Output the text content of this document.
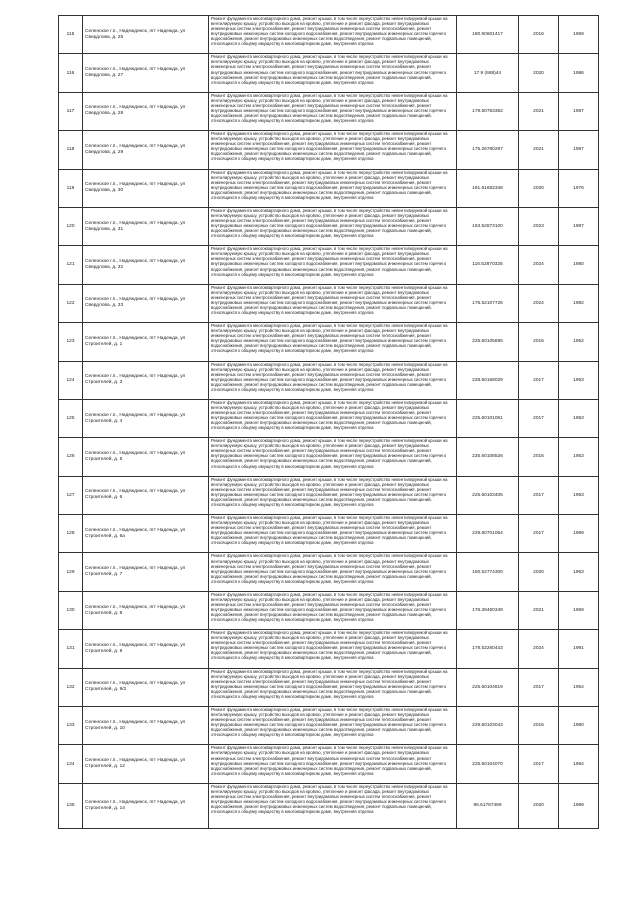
115	Селенское г.п., Надеждинск, пгт Надежда, ул Свердлова, д. 25	Ремонт фундамента многоквартирного дома, ремонт крыши, в том числе переустройство невентилируемой крыши на вентилируемую крышу, устройство выходов на кровлю, утепление и ремонт фасада, ремонт внутридомовых инженерных систем электроснабжения, ремонт внутридомовых инженерных систем теплоснабжения, ремонт внутридомовых инженерных систем холодного водоснабжения, ремонт внутридомовых инженерных систем горячего водоснабжения, ремонт внутридомовых инженерных систем водоотведения, ремонт подвальных помещений, относящихся к общему имуществу в многоквартирном доме, внутренняя отделка	180.50601417	2016	1959
116	Селенское г.п., Надеждинск, пгт Надежда, ул Свердлова, д. 27	Ремонт фундамента многоквартирного дома, ремонт крыши, в том числе переустройство невентилируемой крыши на вентилируемую крышу, устройство выходов на кровлю, утепление и ремонт фасада, ремонт внутридомовых инженерных систем электроснабжения, ремонт внутридомовых инженерных систем теплоснабжения, ремонт внутридомовых инженерных систем холодного водоснабжения, ремонт внутридомовых инженерных систем горячего водоснабжения, ремонт внутридомовых инженерных систем водоотведения, ремонт подвальных помещений, относящихся к общему имуществу в многоквартирном доме, внутренняя отделка	17.9 (688)44	2020	1986
117	Селенское г.п., Надеждинск, пгт Надежда, ул Свердлова, д. 28	Ремонт фундамента многоквартирного дома, ремонт крыши, в том числе переустройство невентилируемой крыши на вентилируемую крышу, устройство выходов на кровлю, утепление и ремонт фасада, ремонт внутридомовых инженерных систем электроснабжения, ремонт внутридомовых инженерных систем теплоснабжения, ремонт внутридомовых инженерных систем холодного водоснабжения, ремонт внутридомовых инженерных систем горячего водоснабжения, ремонт внутридомовых инженерных систем водоотведения, ремонт подвальных помещений, относящихся к общему имуществу в многоквартирном доме, внутренняя отделка	179.50763362	2021	1987
118	Селенское г.п., Надеждинск, пгт Надежда, ул Свердлова, д. 29	Ремонт фундамента многоквартирного дома, ремонт крыши, в том числе переустройство невентилируемой крыши на вентилируемую крышу, устройство выходов на кровлю, утепление и ремонт фасада, ремонт внутридомовых инженерных систем электроснабжения, ремонт внутридомовых инженерных систем теплоснабжения, ремонт внутридомовых инженерных систем холодного водоснабжения, ремонт внутридомовых инженерных систем горячего водоснабжения, ремонт внутридомовых инженерных систем водоотведения, ремонт подвальных помещений, относящихся к общему имуществу в многоквартирном доме, внутренняя отделка	175.26780297	2021	1987
119	Селенское г.п., Надеждинск, пгт Надежда, ул Свердлова, д. 30	Ремонт фундамента многоквартирного дома, ремонт крыши, в том числе переустройство невентилируемой крыши на вентилируемую крышу, устройство выходов на кровлю, утепление и ремонт фасада, ремонт внутридомовых инженерных систем электроснабжения, ремонт внутридомовых инженерных систем теплоснабжения, ремонт внутридомовых инженерных систем холодного водоснабжения, ремонт внутридомовых инженерных систем горячего водоснабжения, ремонт внутридомовых инженерных систем водоотведения, ремонт подвальных помещений, относящихся к общему имуществу в многоквартирном доме, внутренняя отделка	181.61682348	2020	1976
120	Селенское г.п., Надеждинск, пгт Надежда, ул Свердлова, д. 31	Ремонт фундамента многоквартирного дома, ремонт крыши, в том числе переустройство невентилируемой крыши на вентилируемую крышу, устройство выходов на кровлю, утепление и ремонт фасада, ремонт внутридомовых инженерных систем электроснабжения, ремонт внутридомовых инженерных систем теплоснабжения, ремонт внутридомовых инженерных систем холодного водоснабжения, ремонт внутридомовых инженерных систем горячего водоснабжения, ремонт внутридомовых инженерных систем водоотведения, ремонт подвальных помещений, относящихся к общему имуществу в многоквартирном доме, внутренняя отделка	163.52873100	2023	1987
121	Селенское г.п., Надеждинск, пгт Надежда, ул Свердлова, д. 32	Ремонт фундамента многоквартирного дома, ремонт крыши, в том числе переустройство невентилируемой крыши на вентилируемую крышу, устройство выходов на кровлю, утепление и ремонт фасада, ремонт внутридомовых инженерных систем электроснабжения, ремонт внутридомовых инженерных систем теплоснабжения, ремонт внутридомовых инженерных систем холодного водоснабжения, ремонт внутридомовых инженерных систем горячего водоснабжения, ремонт внутридомовых инженерных систем водоотведения, ремонт подвальных помещений, относящихся к общему имуществу в многоквартирном доме, внутренняя отделка	116.52870325	2024	1980
122	Селенское г.п., Надеждинск, пгт Надежда, ул Свердлова, д. 33	Ремонт фундамента многоквартирного дома, ремонт крыши, в том числе переустройство невентилируемой крыши на вентилируемую крышу, устройство выходов на кровлю, утепление и ремонт фасада, ремонт внутридомовых инженерных систем электроснабжения, ремонт внутридомовых инженерных систем теплоснабжения, ремонт внутридомовых инженерных систем холодного водоснабжения, ремонт внутридомовых инженерных систем горячего водоснабжения, ремонт внутридомовых инженерных систем водоотведения, ремонт подвальных помещений, относящихся к общему имуществу в многоквартирном доме, внутренняя отделка	176.52107726	2024	1982
123	Селенское г.п., Надеждинск, пгт Надежда, ул Строителей, д. 1	Ремонт фундамента многоквартирного дома, ремонт крыши, в том числе переустройство невентилируемой крыши на вентилируемую крышу, устройство выходов на кровлю, утепление и ремонт фасада, ремонт внутридомовых инженерных систем электроснабжения, ремонт внутридомовых инженерных систем теплоснабжения, ремонт внутридомовых инженерных систем холодного водоснабжения, ремонт внутридомовых инженерных систем горячего водоснабжения, ремонт внутридомовых инженерных систем водоотведения, ремонт подвальных помещений, относящихся к общему имуществу в многоквартирном доме, внутренняя отделка	225.60105695	2016	1952
124	Селенское г.п., Надеждинск, пгт Надежда, ул Строителей, д. 3	Ремонт фундамента многоквартирного дома, ремонт крыши, в том числе переустройство невентилируемой крыши на вентилируемую крышу, устройство выходов на кровлю, утепление и ремонт фасада, ремонт внутридомовых инженерных систем электроснабжения, ремонт внутридомовых инженерных систем теплоснабжения, ремонт внутридомовых инженерных систем холодного водоснабжения, ремонт внутридомовых инженерных систем горячего водоснабжения, ремонт внутридомовых инженерных систем водоотведения, ремонт подвальных помещений, относящихся к общему имуществу в многоквартирном доме, внутренняя отделка	228.60168029	2017	1953
125	Селенское г.п., Надеждинск, пгт Надежда, ул Строителей, д. 4	Ремонт фундамента многоквартирного дома, ремонт крыши, в том числе переустройство невентилируемой крыши на вентилируемую крышу, устройство выходов на кровлю, утепление и ремонт фасада, ремонт внутридомовых инженерных систем электроснабжения, ремонт внутридомовых инженерных систем теплоснабжения, ремонт внутридомовых инженерных систем холодного водоснабжения, ремонт внутридомовых инженерных систем горячего водоснабжения, ремонт внутридомовых инженерных систем водоотведения, ремонт подвальных помещений, относящихся к общему имуществу в многоквартирном доме, внутренняя отделка	225.60101061	2017	1953
126	Селенское г.п., Надеждинск, пгт Надежда, ул Строителей, д. 5	Ремонт фундамента многоквартирного дома, ремонт крыши, в том числе переустройство невентилируемой крыши на вентилируемую крышу, устройство выходов на кровлю, утепление и ремонт фасада, ремонт внутридомовых инженерных систем электроснабжения, ремонт внутридомовых инженерных систем теплоснабжения, ремонт внутридомовых инженерных систем холодного водоснабжения, ремонт внутридомовых инженерных систем горячего водоснабжения, ремонт внутридомовых инженерных систем водоотведения, ремонт подвальных помещений, относящихся к общему имуществу в многоквартирном доме, внутренняя отделка	225.60108526	2016	1953
127	Селенское г.п., Надеждинск, пгт Надежда, ул Строителей, д. 6	Ремонт фундамента многоквартирного дома, ремонт крыши, в том числе переустройство невентилируемой крыши на вентилируемую крышу, устройство выходов на кровлю, утепление и ремонт фасада, ремонт внутридомовых инженерных систем электроснабжения, ремонт внутридомовых инженерных систем теплоснабжения, ремонт внутридомовых инженерных систем холодного водоснабжения, ремонт внутридомовых инженерных систем горячего водоснабжения, ремонт внутридомовых инженерных систем водоотведения, ремонт подвальных помещений, относящихся к общему имуществу в многоквартирном доме, внутренняя отделка	225.60103405	2017	1953
128	Селенское г.п., Надеждинск, пгт Надежда, ул Строителей, д. 6а	Ремонт фундамента многоквартирного дома, ремонт крыши, в том числе переустройство невентилируемой крыши на вентилируемую крышу, устройство выходов на кровлю, утепление и ремонт фасада, ремонт внутридомовых инженерных систем электроснабжения, ремонт внутридомовых инженерных систем теплоснабжения, ремонт внутридомовых инженерных систем холодного водоснабжения, ремонт внутридомовых инженерных систем горячего водоснабжения, ремонт внутридомовых инженерных систем водоотведения, ремонт подвальных помещений, относящихся к общему имуществу в многоквартирном доме, внутренняя отделка	229.60701064	2017	1989
129	Селенское г.п., Надеждинск, пгт Надежда, ул Строителей, д. 7	Ремонт фундамента многоквартирного дома, ремонт крыши, в том числе переустройство невентилируемой крыши на вентилируемую крышу, устройство выходов на кровлю, утепление и ремонт фасада, ремонт внутридомовых инженерных систем электроснабжения, ремонт внутридомовых инженерных систем теплоснабжения, ремонт внутридомовых инженерных систем холодного водоснабжения, ремонт внутридомовых инженерных систем горячего водоснабжения, ремонт внутридомовых инженерных систем водоотведения, ремонт подвальных помещений, относящихся к общему имуществу в многоквартирном доме, внутренняя отделка	150.52774300	2020	1963
130	Селенское г.п., Надеждинск, пгт Надежда, ул Строителей, д. 8	Ремонт фундамента многоквартирного дома, ремонт крыши, в том числе переустройство невентилируемой крыши на вентилируемую крышу, устройство выходов на кровлю, утепление и ремонт фасада, ремонт внутридомовых инженерных систем электроснабжения, ремонт внутридомовых инженерных систем теплоснабжения, ремонт внутридомовых инженерных систем холодного водоснабжения, ремонт внутридомовых инженерных систем горячего водоснабжения, ремонт внутридомовых инженерных систем водоотведения, ремонт подвальных помещений, относящихся к общему имуществу в многоквартирном доме, внутренняя отделка	176.28460349	2021	1959
131	Селенское г.п., Надеждинск, пгт Надежда, ул Строителей, д. 9	Ремонт фундамента многоквартирного дома, ремонт крыши, в том числе переустройство невентилируемой крыши на вентилируемую крышу, устройство выходов на кровлю, утепление и ремонт фасада, ремонт внутридомовых инженерных систем электроснабжения, ремонт внутридомовых инженерных систем теплоснабжения, ремонт внутридомовых инженерных систем холодного водоснабжения, ремонт внутридомовых инженерных систем горячего водоснабжения, ремонт внутридомовых инженерных систем водоотведения, ремонт подвальных помещений, относящихся к общему имуществу в многоквартирном доме, внутренняя отделка	178.52260443	2024	1991
132	Селенское г.п., Надеждинск, пгт Надежда, ул Строителей, д. 9/2	Ремонт фундамента многоквартирного дома, ремонт крыши, в том числе переустройство невентилируемой крыши на вентилируемую крышу, устройство выходов на кровлю, утепление и ремонт фасада, ремонт внутридомовых инженерных систем электроснабжения, ремонт внутридомовых инженерных систем теплоснабжения, ремонт внутридомовых инженерных систем холодного водоснабжения, ремонт внутридомовых инженерных систем горячего водоснабжения, ремонт внутридомовых инженерных систем водоотведения, ремонт подвальных помещений, относящихся к общему имуществу в многоквартирном доме, внутренняя отделка	225.60104819	2017	1954
133	Селенское г.п., Надеждинск, пгт Надежда, ул Строителей, д. 10	Ремонт фундамента многоквартирного дома, ремонт крыши, в том числе переустройство невентилируемой крыши на вентилируемую крышу, устройство выходов на кровлю, утепление и ремонт фасада, ремонт внутридомовых инженерных систем электроснабжения, ремонт внутридомовых инженерных систем теплоснабжения, ремонт внутридомовых инженерных систем холодного водоснабжения, ремонт внутридомовых инженерных систем горячего водоснабжения, ремонт внутридомовых инженерных систем водоотведения, ремонт подвальных помещений, относящихся к общему имуществу в многоквартирном доме, внутренняя отделка	229.60103043	2016	1980
134	Селенское г.п., Надеждинск, пгт Надежда, ул Строителей, д. 12	Ремонт фундамента многоквартирного дома, ремонт крыши, в том числе переустройство невентилируемой крыши на вентилируемую крышу, устройство выходов на кровлю, утепление и ремонт фасада, ремонт внутридомовых инженерных систем электроснабжения, ремонт внутридомовых инженерных систем теплоснабжения, ремонт внутридомовых инженерных систем холодного водоснабжения, ремонт внутридомовых инженерных систем горячего водоснабжения, ремонт внутридомовых инженерных систем водоотведения, ремонт подвальных помещений, относящихся к общему имуществу в многоквартирном доме, внутренняя отделка	225.60104070	2017	1984
135	Селенское г.п., Надеждинск, пгт Надежда, ул Строителей, д. 14	Ремонт фундамента многоквартирного дома, ремонт крыши, в том числе переустройство невентилируемой крыши на вентилируемую крышу, устройство выходов на кровлю, утепление и ремонт фасада, ремонт внутридомовых инженерных систем электроснабжения, ремонт внутридомовых инженерных систем теплоснабжения, ремонт внутридомовых инженерных систем холодного водоснабжения, ремонт внутридомовых инженерных систем горячего водоснабжения, ремонт внутридомовых инженерных систем водоотведения, ремонт подвальных помещений, относящихся к общему имуществу в многоквартирном доме, внутренняя отделка	96.61767469	2020	1989
